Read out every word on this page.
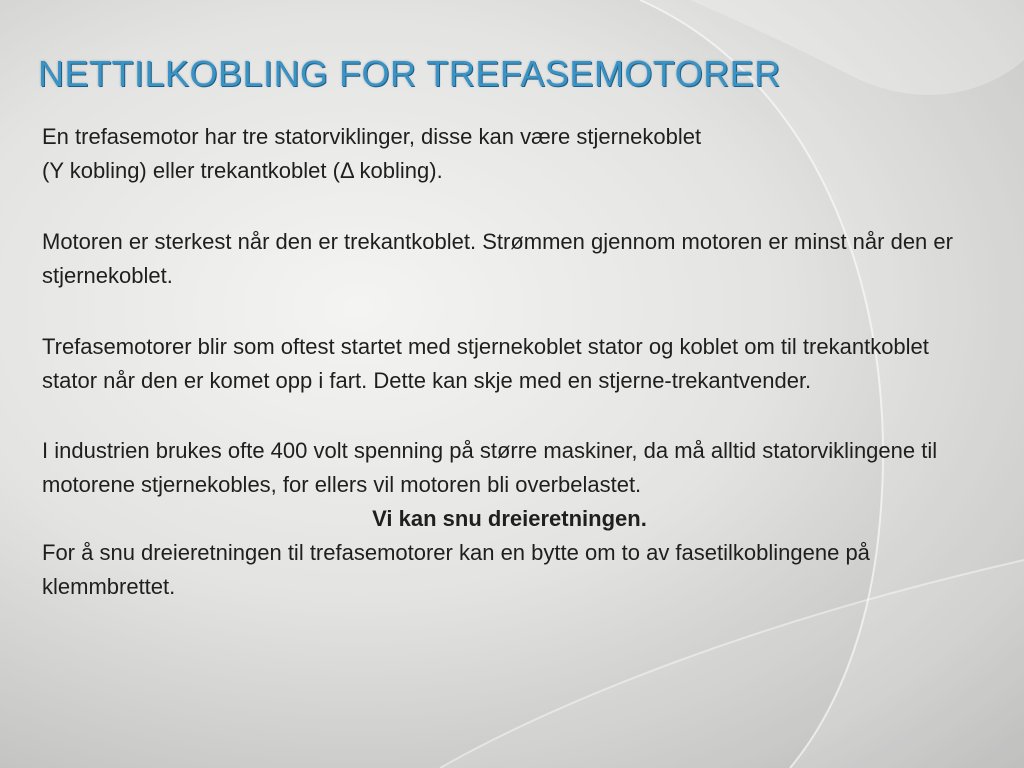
NETTILKOBLING FOR TREFASEMOTORER

En trefasemotor har tre statorviklinger, disse kan være stjernekoblet

(Y kobling) eller trekantkoblet (Δ kobling).

Motoren er sterkest når den er trekantkoblet. Strømmen gjennom motoren er minst når den er stjernekoblet.

Trefasemotorer blir som oftest startet med stjernekoblet stator og koblet om til trekantkoblet stator når den er komet opp i fart. Dette kan skje med en stjerne-trekantvender.

I industrien brukes ofte 400 volt spenning på større maskiner, da må alltid statorviklingene til motorene stjernekobles, for ellers vil motoren bli overbelastet.

Vi kan snu dreieretningen.

For å snu dreieretningen til trefasemotorer kan en bytte om to av fasetilkoblingene på klemmbrettet.
